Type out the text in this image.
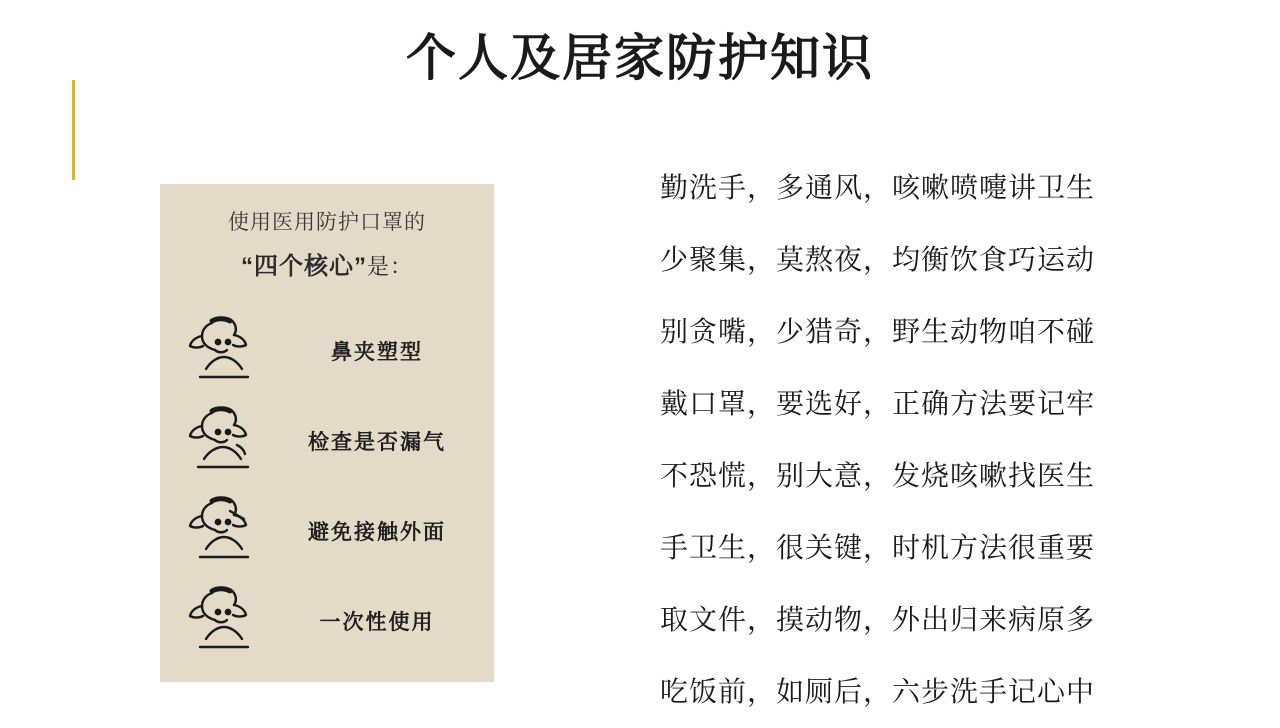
个人及居家防护知识
使用医用防护口罩的
“四个核心”是：
鼻夹塑型
检查是否漏气
避免接触外面
一次性使用
勤洗手，多通风，咳嗽喷嚏讲卫生
少聚集，莫熬夜，均衡饮食巧运动
别贪嘴，少猎奇，野生动物咱不碰
戴口罩，要选好，正确方法要记牢
不恐慌，别大意，发烧咳嗽找医生
手卫生，很关键，时机方法很重要
取文件，摸动物，外出归来病原多
吃饭前，如厕后，六步洗手记心中
